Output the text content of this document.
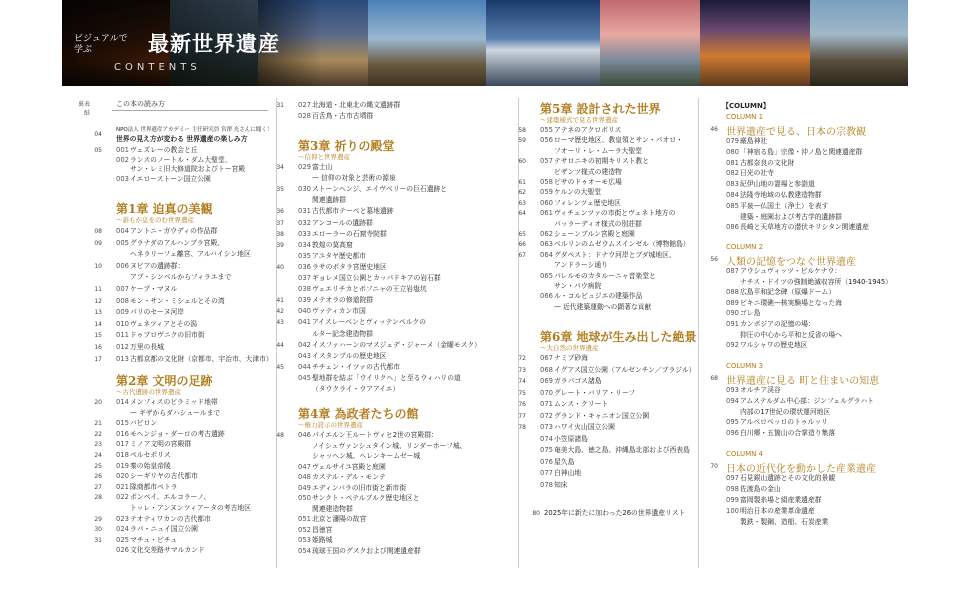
ビジュアルで学ぶ	最新世界遺産
CONTENTS
裏表紙
この本の読み方
04
NPO法人 世界遺産アカデミー 主任研究員 宮澤 光さんに聞く！
世界の見え方が変わる 世界遺産の楽しみ方
05 001 ヴェズレーの教会と丘
002 ランスのノートル・ダム大聖堂、
サン・レミ旧大修道院およびトー宮殿
003 イエローストーン国立公園
第1章 迫真の美観
〜誰もが息をのむ世界遺産
08 004 アントニ・ガウディの作品群
09 005 グラナダのアルハンブラ宮殿、
ヘネラリーフェ離宮、アルバイシン地区
10 006 ヌビアの遺跡群：
アブ・シンベルからフィラエまで
11 007 ケープ・マヌル
12 008 モン・サン・ミシェルとその湾
13 009 パリのセーヌ河岸
14 010 ヴェネツィアとその潟
15 011 ドゥブロヴニクの旧市街
16 012 万里の長城
17 013 古都京都の文化財（京都市、宇治市、大津市）
第2章 文明の足跡
〜古代遺跡の世界遺産
20 014 メンフィスのピラミッド地帯
— ギザからダハシュールまで
21 015 バビロン
22 016 モヘンジョ・ダーロの考古遺跡
23 017 ミノア文明の宮殿群
24 018 ペルセポリス
25 019 秦の始皇帝陵
26 020 シーギリヤの古代都市
27 021 隊商都市ペトラ
28 022 ポンペイ、エルコラーノ、
トッレ・アンヌンツィアータの考古地区
29 023 テオティワカンの古代都市
30 024 ラパ・ニュイ国立公園
31 025 マチュ・ピチュ
026 文化交差路サマルカンド
31 027 北海道・北東北の縄文遺跡群
028 百舌鳥・古市古墳群
第3章 祈りの殿堂
〜信仰と世界遺産
34 029 富士山
— 信仰の対象と芸術の源泉
35 030 ストーンヘンジ、エイヴベリーの巨石遺跡と
関連遺跡群
36 031 古代都市テーベと墓地遺跡
37 032 アンコールの遺跡群
38 033 エローラーの石窟寺院群
39 034 敦煌の莫高窟
035 アユタヤ歴史都市
40 036 ラサのポタラ宮歴史地区
037 ギョレメ国立公園とカッパドキアの岩石群
038 ヴェエリチカとボフニャの王立岩塩坑
41 039 メテオラの修道院群
42 040 ヴァティカン市国
43 041 アイスレーベンとヴィッテンベルクの
ルター記念建造物群
44 042 イスファハーンのマスジェデ・ジャーメ（金曜モスク）
043 イスタンブルの歴史地区
45 044 チチェン・イツァの古代都市
045 聖地群を結ぶ「ウイリクヘ」と至るウィハリの道
（タウクライ・ウアアイエ）
第4章 為政者たちの館
〜権力誇示の世界遺産
48 046 パイエルン王ルートヴィヒ2世の宮殿群：
ノイシュヴァンシュタイン城、リンダーホーフ城、
シャッヘン城、ヘレンキームゼー城
047 ヴェルサイユ宮殿と庭園
048 カステル・デル・モンテ
049 エディンバラの旧市街と新市街
050 サンクト・ペテルブルク歴史地区と
関連建造物群
051 北京と瀋陽の故宮
052 昌徳宮
053 姫路城
054 琉球王国のグスクおよび関連遺産群
第5章 設計された世界
〜建築様式で見る世界遺産
58 055 アテネのアクロポリス
59 056 ローマ歴史地区、教皇領とサン・パオロ・
フオーリ・レ・ムーラ大聖堂
60 057 テサロニキの初期キリスト教と
ビザンツ様式の建造物
61 058 ピサのドゥオーモ広場
62 059 ケルンの大聖堂
63 060 フィレンツェ歴史地区
64 061 ヴィチェンツァの市街とヴェネト地方の
パッラーディオ様式の別荘群
65 062 シェーンブルン宮殿と庭園
66 063 ベルリンのムゼウムスインゼル（博物館島）
67 064 グダペスト：ドナウ河岸とブダ城地区、
アンドラーシ通り
065 パレルモのカタルーニャ音楽堂と
サン・パウ病院
066 ル・コルビュジエの建築作品
— 近代建築運動への顕著な貢献
第6章 地球が生み出した絶景
〜大自然の世界遺産
72 067 ナミブ砂海
73 068 イグアス国立公園（アルゼンチン／ブラジル）
74 069 ガラパゴス諸島
75 070 グレート・バリア・リーフ
76 071 ムンス・クリート
77 072 グランド・キャニオン国立公園
78 073 ハワイ火山国立公園
074 小笠原諸島
075 奄美大島、徳之島、沖縄島北部および西表島
076 屋久島
077 白神山地
078 知床
80 2025年に新たに加わった26の世界遺産リスト
【COLUMN】
COLUMN 1
46 世界遺産で見る、日本の宗教観
079 厳島神社
080 「神宿る島」宗像・沖ノ島と関連遺産群
081 古都奈良の文化財
082 日光の社寺
083 紀伊山地の霊場と参詣道
084 法隆寺地域の仏教建造物群
085 平泉—仏国土（浄土）を表す
建築・庭園および考古学的遺跡群
086 長崎と天草地方の潜伏キリシタン関連遺産
COLUMN 2
56 人類の記憶をつなぐ世界遺産
087 アウシュヴィッツ・ビルケナウ：
ナチス・ドイツの強制絶滅収容所（1940-1945）
088 広島平和記念碑（原爆ドーム）
089 ビキニ環礁—核実験場となった海
090 ゴレ島
091 カンボジアの記憶の場：
抑圧の中心から平和と反省の場へ
092 ワルシャワの歴史地区
COLUMN 3
68 世界遺産に見る 町と住まいの知恵
093 オルチア渓谷
094 アムステルダム中心部：ジンフェルグラハト
内部の17世紀の環状運河地区
095 アルベロベッロのトゥルッリ
096 白川郷・五箇山の合掌造り集落
COLUMN 4
70 日本の近代化を動かした産業遺産
097 石見銀山遺跡とその文化的景観
098 佐渡島の金山
099 富岡製糸場と絹産業遺産群
100 明治日本の産業革命遺産
製鉄・製鋼、造船、石炭産業
